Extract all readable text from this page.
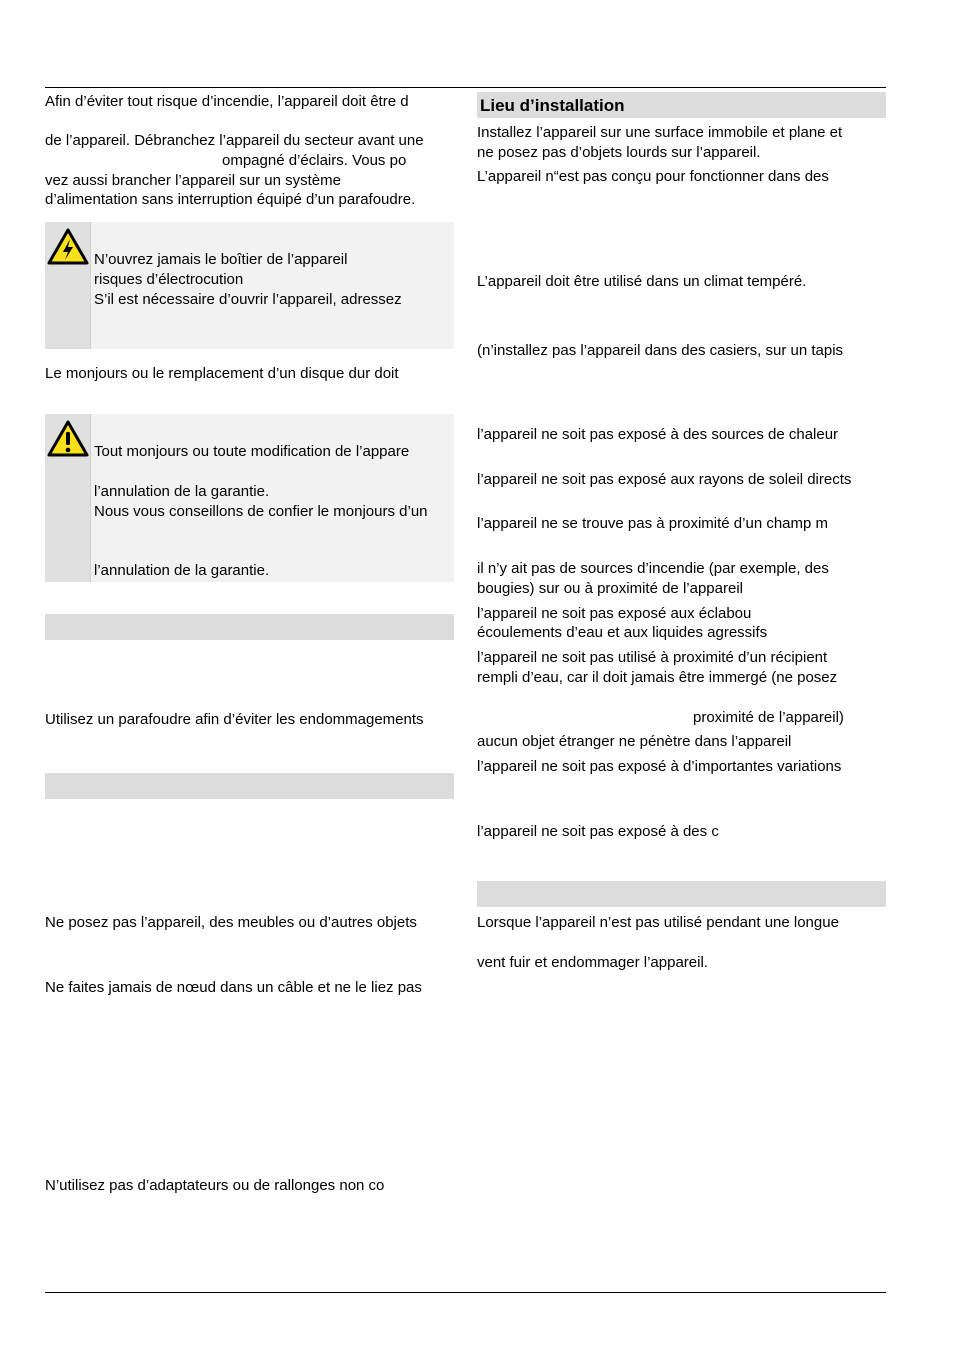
Afin d’éviter tout risque d’incendie, l’appareil doit être d
de l’appareil. Débranchez l’appareil du secteur avant une
ompagné d’éclairs. Vous po
vez aussi brancher l’appareil sur un système
d’alimentation sans interruption équipé d’un parafoudre.
N’ouvrez jamais le boîtier de l’appareil
risques d’électrocution
S’il est nécessaire d’ouvrir l’appareil, adressez
Le monjours ou le remplacement d’un disque dur doit
Tout monjours ou toute modification de l’appare
l’annulation de la garantie.
Nous vous conseillons de confier le monjours d’un
l’annulation de la garantie.
Utilisez un parafoudre afin d’éviter les endommagements
Ne posez pas l’appareil, des meubles ou d’autres objets
Ne faites jamais de nœud dans un câble et ne le liez pas
N’utilisez pas d’adaptateurs ou de rallonges non co
Lieu d’installation
Installez l’appareil sur une surface immobile et plane et
ne posez pas d’objets lourds sur l’appareil.
L’appareil n“est pas conçu pour fonctionner dans des
L’appareil doit être utilisé dans un climat tempéré.
(n’installez pas l’appareil dans des casiers, sur un tapis
l’appareil ne soit pas exposé à des sources de chaleur
l’appareil ne soit pas exposé aux rayons de soleil directs
l’appareil ne se trouve pas à proximité d’un champ m
il n’y ait pas de sources d’incendie (par exemple, des
bougies) sur ou à proximité de l’appareil
l’appareil ne soit pas exposé aux éclabou
écoulements d’eau et aux liquides agressifs
l’appareil ne soit pas utilisé à proximité d’un récipient
rempli d’eau, car il doit jamais être immergé (ne posez
proximité de l’appareil)
aucun objet étranger ne pénètre dans l’appareil
l’appareil ne soit pas exposé à d’importantes variations
l’appareil ne soit pas exposé à des c
Lorsque l’appareil n’est pas utilisé pendant une longue
vent fuir et endommager l’appareil.
